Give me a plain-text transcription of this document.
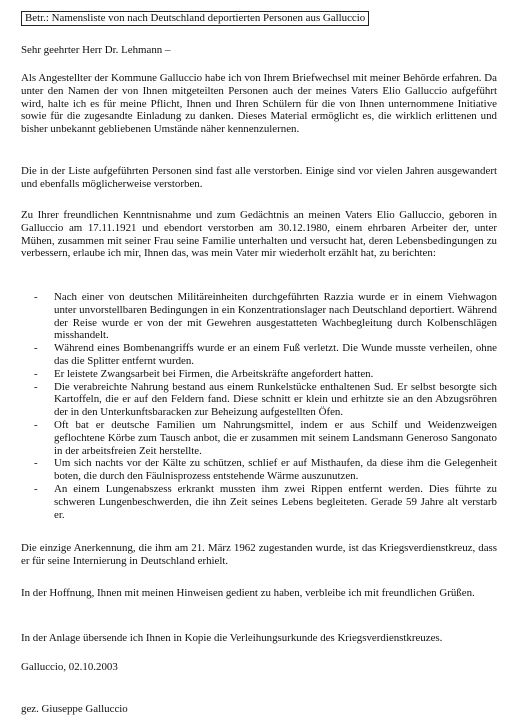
Betr.: Namensliste von nach Deutschland deportierten Personen aus Galluccio

Sehr geehrter Herr Dr. Lehmann –

Als Angestellter der Kommune Galluccio habe ich von Ihrem Briefwechsel mit meiner Behörde erfahren. Da unter den Namen der von Ihnen mitgeteilten Personen auch der meines Vaters Elio Galluccio aufgeführt wird, halte ich es für meine Pflicht, Ihnen und Ihren Schülern für die von Ihnen unternommene Initiative sowie für die zugesandte Einladung zu danken. Dieses Material ermöglicht es, die wirklich erlittenen und bisher unbekannt gebliebenen Umstände näher kennenzulernen.

Die in der Liste aufgeführten Personen sind fast alle verstorben. Einige sind vor vielen Jahren ausgewandert und ebenfalls möglicherweise verstorben.

Zu Ihrer freundlichen Kenntnisnahme und zum Gedächtnis an meinen Vaters Elio Galluccio, geboren in Galluccio am 17.11.1921 und ebendort verstorben am 30.12.1980, einem ehrbaren Arbeiter der, unter Mühen, zusammen mit seiner Frau seine Familie unterhalten und versucht hat, deren Lebensbedingungen zu verbessern, erlaube ich mir, Ihnen das, was mein Vater mir wiederholt erzählt hat, zu berichten:

- Nach einer von deutschen Militäreinheiten durchgeführten Razzia wurde er in einem Viehwagon unter unvorstellbaren Bedingungen in ein Konzentrationslager nach Deutschland deportiert. Während der Reise wurde er von der mit Gewehren ausgestatteten Wachbegleitung durch Kolbenschlägen misshandelt.
- Während eines Bombenangriffs wurde er an einem Fuß verletzt. Die Wunde musste verheilen, ohne das die Splitter entfernt wurden.
- Er leistete Zwangsarbeit bei Firmen, die Arbeitskräfte angefordert hatten.
- Die verabreichte Nahrung bestand aus einem Runkelstücke enthaltenen Sud. Er selbst besorgte sich Kartoffeln, die er auf den Feldern fand. Diese schnitt er klein und erhitzte sie an den Abzugsröhren der in den Unterkunftsbaracken zur Beheizung aufgestellten Öfen.
- Oft bat er deutsche Familien um Nahrungsmittel, indem er aus Schilf und Weidenzweigen geflochtene Körbe zum Tausch anbot, die er zusammen mit seinem Landsmann Generoso Sangonato in der arbeitsfreien Zeit herstellte.
- Um sich nachts vor der Kälte zu schützen, schlief er auf Misthaufen, da diese ihm die Gelegenheit boten, die durch den Fäulnisprozess entstehende Wärme auszunutzen.
- An einem Lungenabszess erkrankt mussten ihm zwei Rippen entfernt werden. Dies führte zu schweren Lungenbeschwerden, die ihn Zeit seines Lebens begleiteten. Gerade 59 Jahre alt verstarb er.

Die einzige Anerkennung, die ihm am 21. März 1962 zugestanden wurde, ist das Kriegsverdienstkreuz, dass er für seine Internierung in Deutschland erhielt.

In der Hoffnung, Ihnen mit meinen Hinweisen gedient zu haben, verbleibe ich mit freundlichen Grüßen.

In der Anlage übersende ich Ihnen in Kopie die Verleihungsurkunde des Kriegsverdienstkreuzes.

Galluccio, 02.10.2003

gez. Giuseppe Galluccio
